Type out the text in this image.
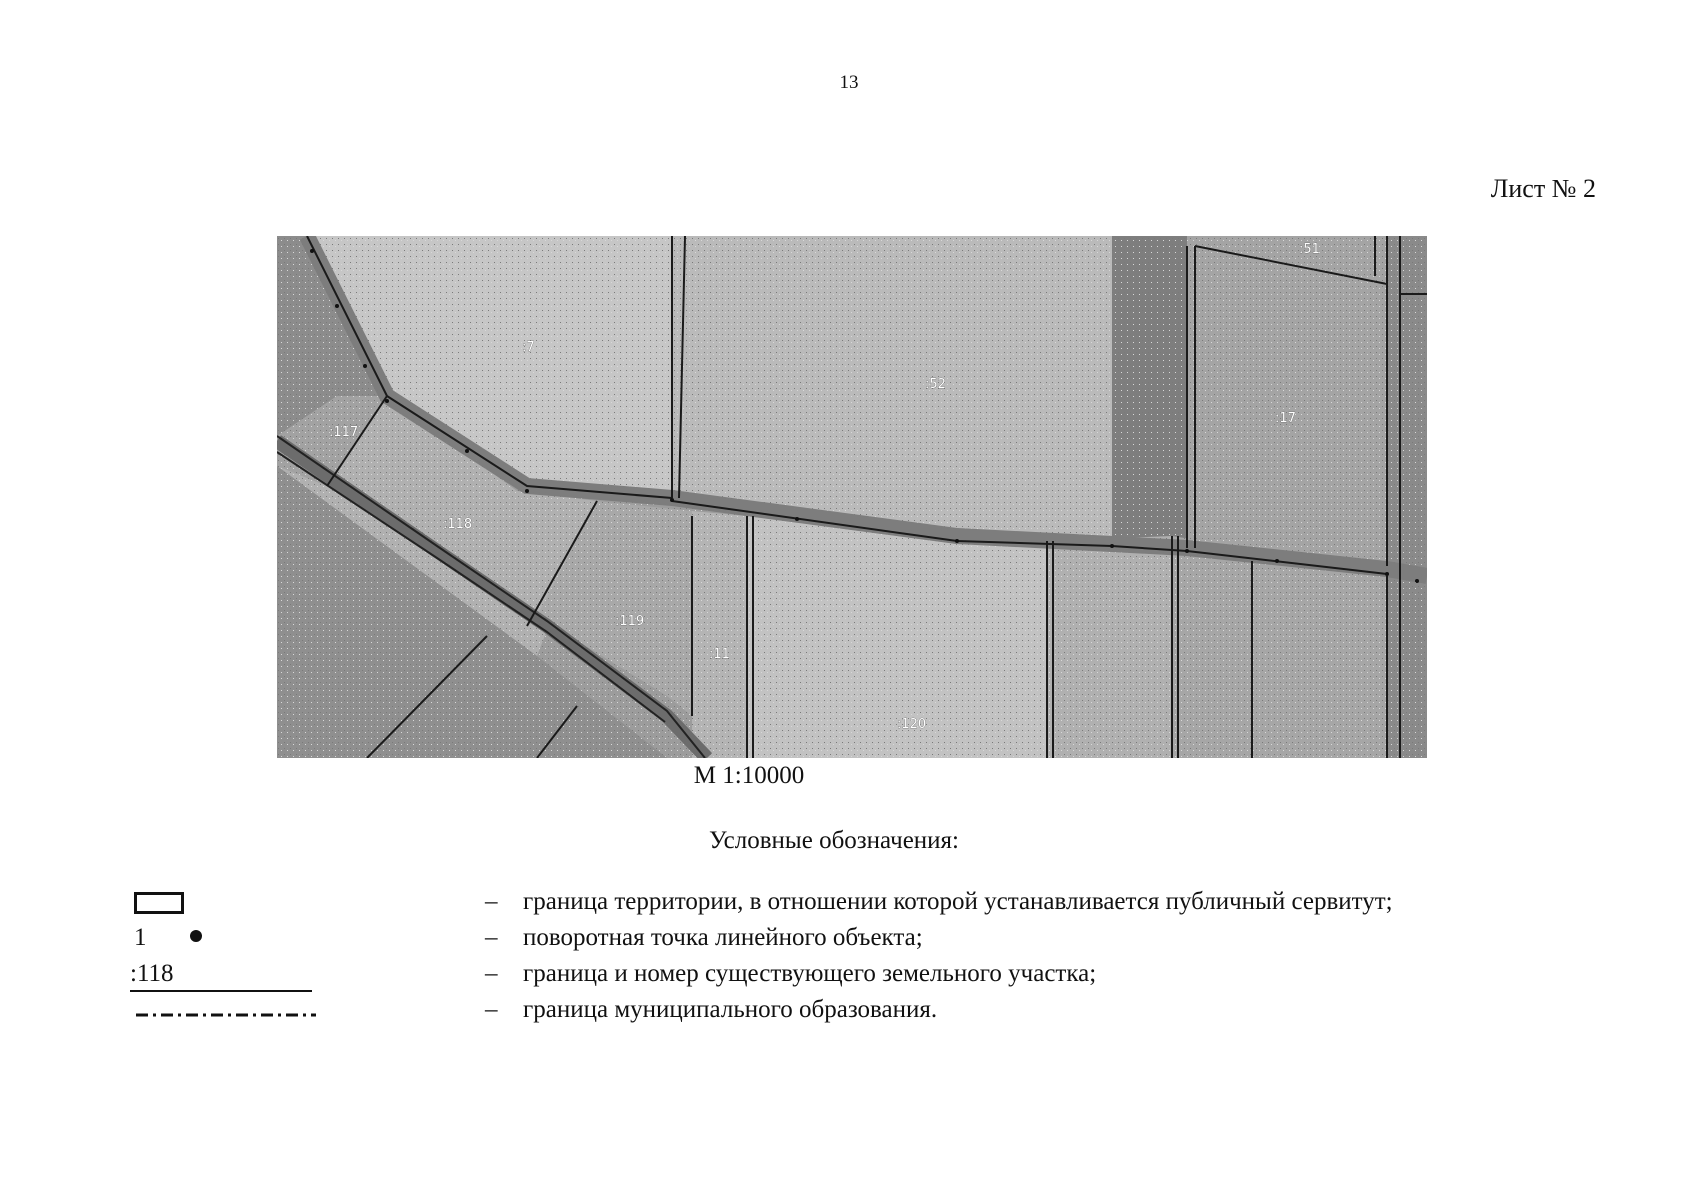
13
Лист № 2
:7
:52
:51
:17
:117
:118
:119
:11
:120
М 1:10000
Условные обозначения:
– граница территории, в отношении которой устанавливается публичный сервитут;
1	– поворотная точка линейного объекта;
:118	– граница и номер существующего земельного участка;
– граница муниципального образования.
